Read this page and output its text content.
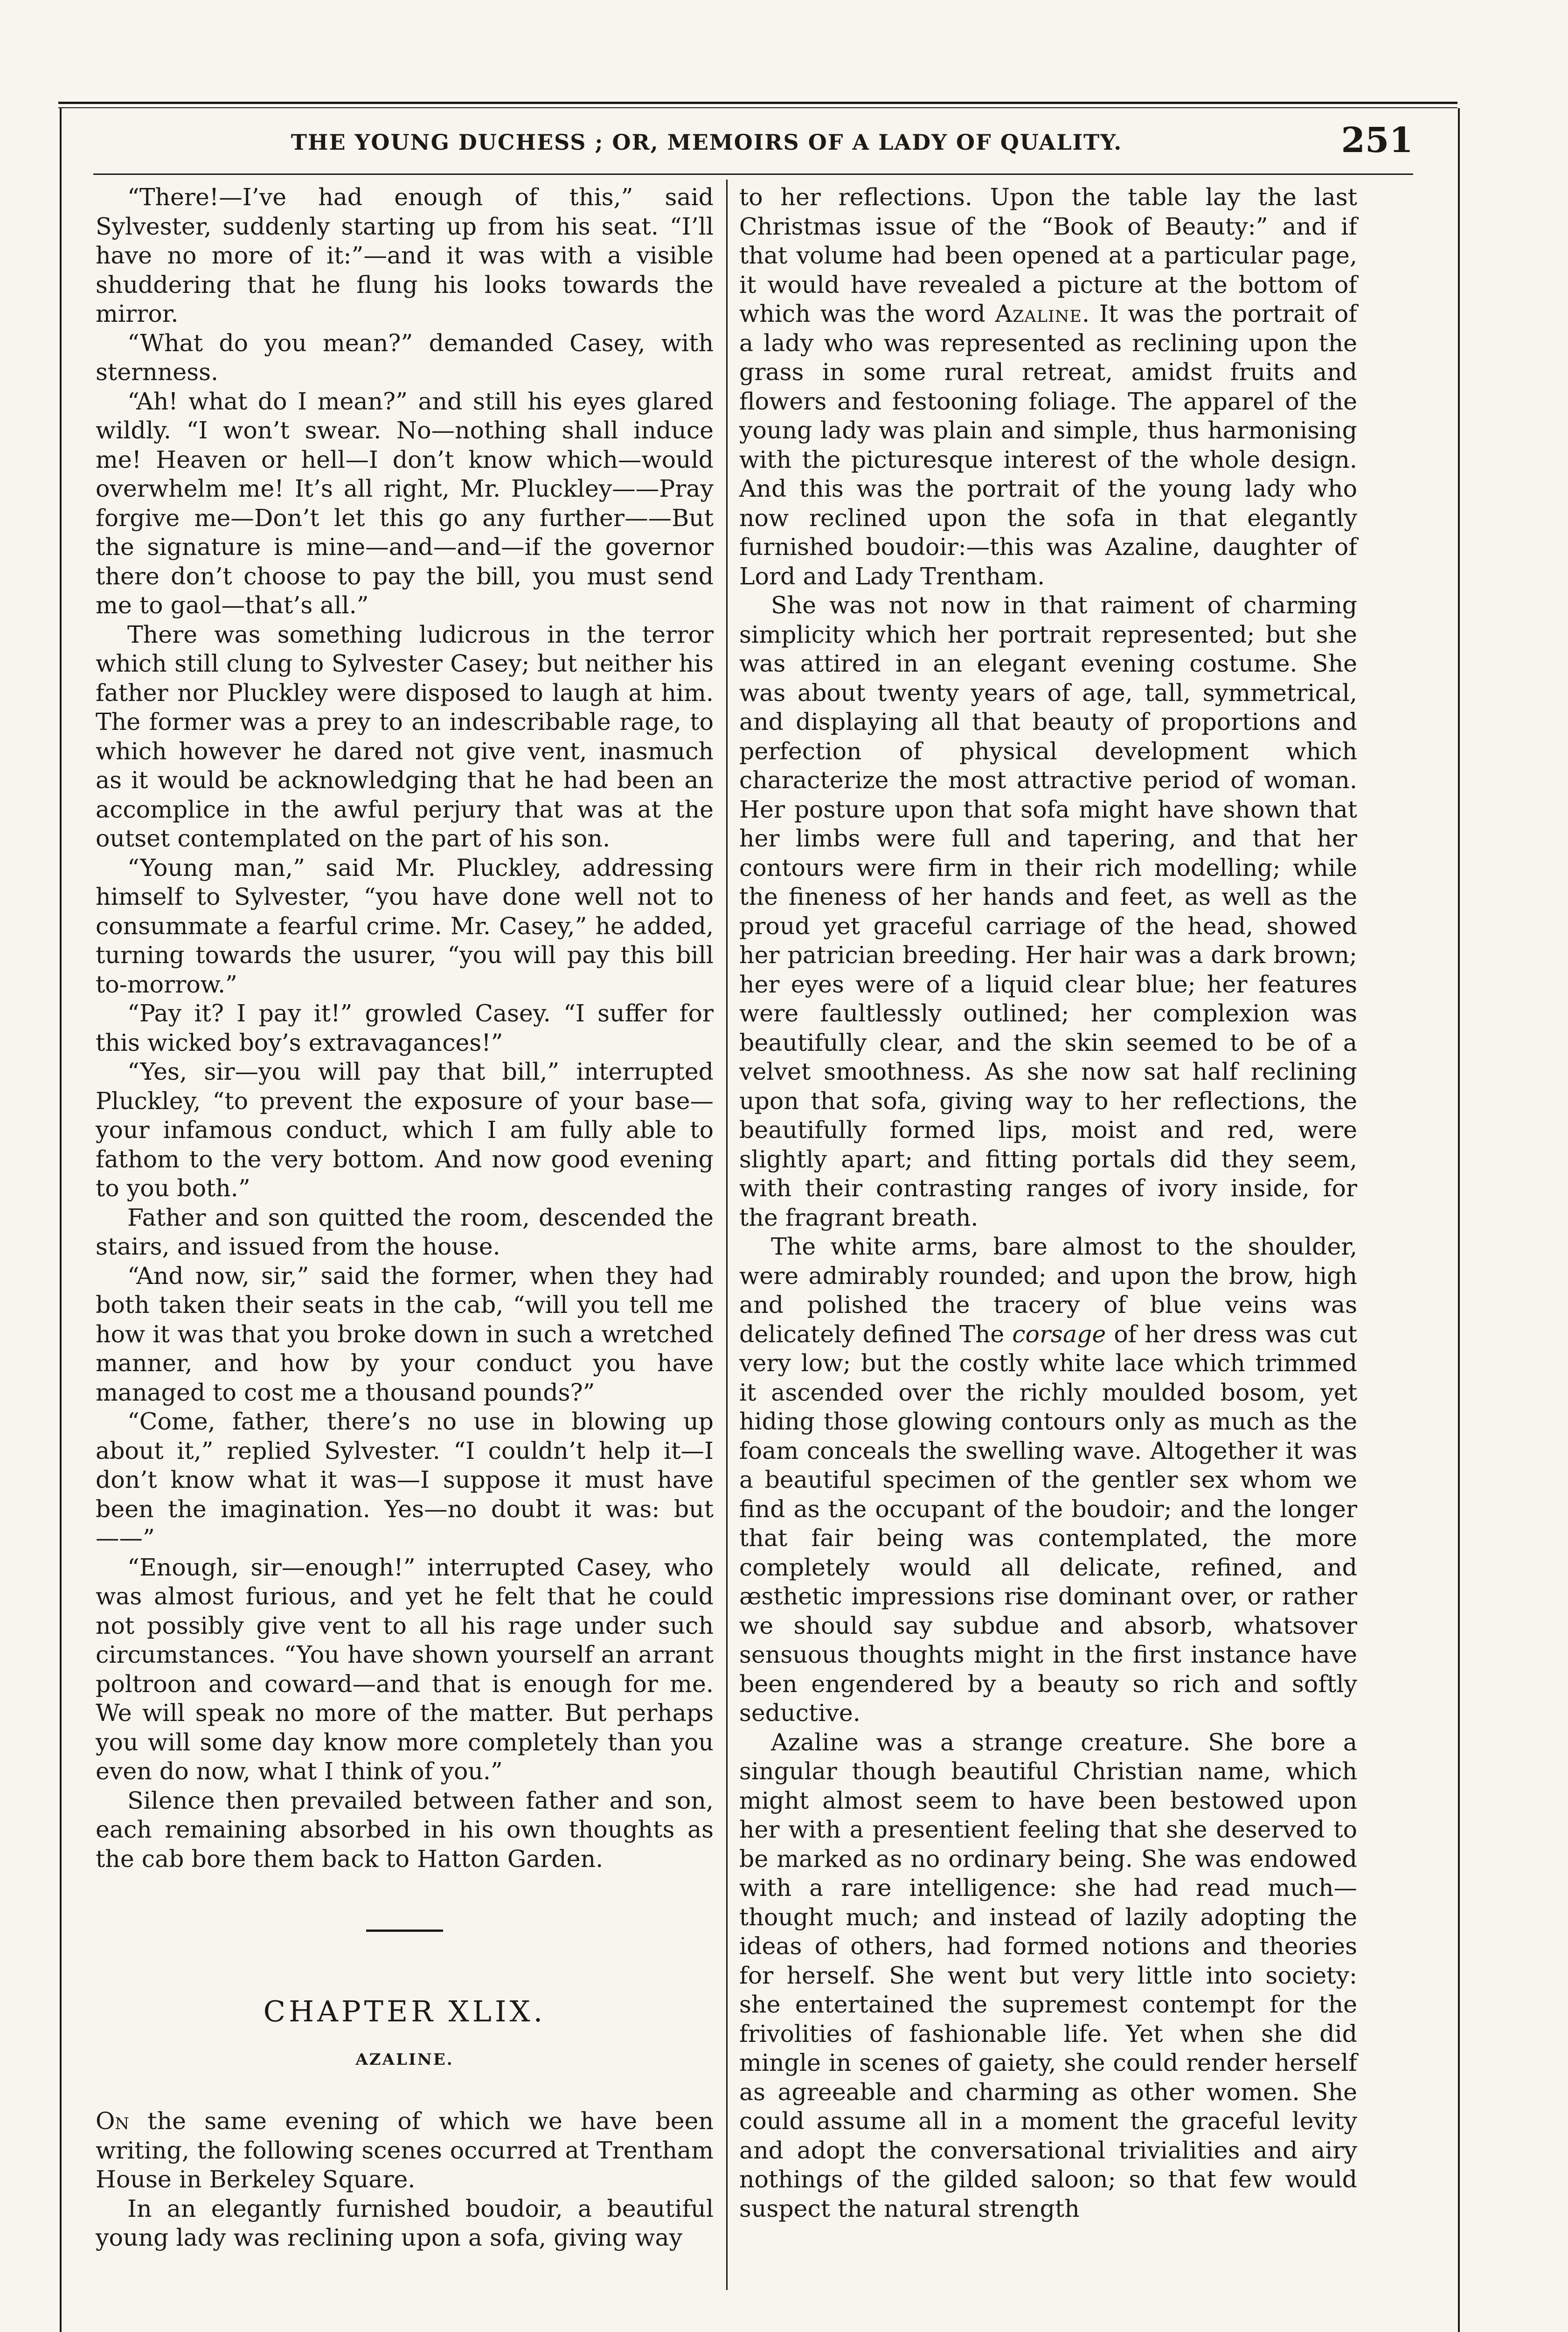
THE YOUNG DUCHESS ; OR, MEMOIRS OF A LADY OF QUALITY.	251

“There!—I’ve had enough of this,” said Sylvester, suddenly starting up from his seat. “I’ll have no more of it:”—and it was with a visible shuddering that he flung his looks towards the mirror.

“What do you mean?” demanded Casey, with sternness.

“Ah! what do I mean?” and still his eyes glared wildly. “I won’t swear. No—nothing shall induce me! Heaven or hell—I don’t know which—would overwhelm me! It’s all right, Mr. Pluckley——Pray forgive me—Don’t let this go any further——But the signature is mine—and—and—if the governor there don’t choose to pay the bill, you must send me to gaol—that’s all.”

There was something ludicrous in the terror which still clung to Sylvester Casey; but neither his father nor Pluckley were disposed to laugh at him. The former was a prey to an indescribable rage, to which however he dared not give vent, inasmuch as it would be acknowledging that he had been an accomplice in the awful perjury that was at the outset contemplated on the part of his son.

“Young man,” said Mr. Pluckley, addressing himself to Sylvester, “you have done well not to consummate a fearful crime. Mr. Casey,” he added, turning towards the usurer, “you will pay this bill to-morrow.”

“Pay it? I pay it!” growled Casey. “I suffer for this wicked boy’s extravagances!”

“Yes, sir—you will pay that bill,” interrupted Pluckley, “to prevent the exposure of your base—your infamous conduct, which I am fully able to fathom to the very bottom. And now good evening to you both.”

Father and son quitted the room, descended the stairs, and issued from the house.

“And now, sir,” said the former, when they had both taken their seats in the cab, “will you tell me how it was that you broke down in such a wretched manner, and how by your conduct you have managed to cost me a thousand pounds?”

“Come, father, there’s no use in blowing up about it,” replied Sylvester. “I couldn’t help it—I don’t know what it was—I suppose it must have been the imagination. Yes—no doubt it was: but——”

“Enough, sir—enough!” interrupted Casey, who was almost furious, and yet he felt that he could not possibly give vent to all his rage under such circumstances. “You have shown yourself an arrant poltroon and coward—and that is enough for me. We will speak no more of the matter. But perhaps you will some day know more completely than you even do now, what I think of you.”

Silence then prevailed between father and son, each remaining absorbed in his own thoughts as the cab bore them back to Hatton Garden.

CHAPTER XLIX.
AZALINE.

On the same evening of which we have been writing, the following scenes occurred at Trentham House in Berkeley Square.

In an elegantly furnished boudoir, a beautiful young lady was reclining upon a sofa, giving way

to her reflections. Upon the table lay the last Christmas issue of the “Book of Beauty:” and if that volume had been opened at a particular page, it would have revealed a picture at the bottom of which was the word Azaline. It was the portrait of a lady who was represented as reclining upon the grass in some rural retreat, amidst fruits and flowers and festooning foliage. The apparel of the young lady was plain and simple, thus harmonising with the picturesque interest of the whole design. And this was the portrait of the young lady who now reclined upon the sofa in that elegantly furnished boudoir:—this was Azaline, daughter of Lord and Lady Trentham.

She was not now in that raiment of charming simplicity which her portrait represented; but she was attired in an elegant evening costume. She was about twenty years of age, tall, symmetrical, and displaying all that beauty of proportions and perfection of physical development which characterize the most attractive period of woman. Her posture upon that sofa might have shown that her limbs were full and tapering, and that her contours were firm in their rich modelling; while the fineness of her hands and feet, as well as the proud yet graceful carriage of the head, showed her patrician breeding. Her hair was a dark brown; her eyes were of a liquid clear blue; her features were faultlessly outlined; her complexion was beautifully clear, and the skin seemed to be of a velvet smoothness. As she now sat half reclining upon that sofa, giving way to her reflections, the beautifully formed lips, moist and red, were slightly apart; and fitting portals did they seem, with their contrasting ranges of ivory inside, for the fragrant breath.

The white arms, bare almost to the shoulder, were admirably rounded; and upon the brow, high and polished the tracery of blue veins was delicately defined The corsage of her dress was cut very low; but the costly white lace which trimmed it ascended over the richly moulded bosom, yet hiding those glowing contours only as much as the foam conceals the swelling wave. Altogether it was a beautiful specimen of the gentler sex whom we find as the occupant of the boudoir; and the longer that fair being was contemplated, the more completely would all delicate, refined, and æsthetic impressions rise dominant over, or rather we should say subdue and absorb, whatsover sensuous thoughts might in the first instance have been engendered by a beauty so rich and softly seductive.

Azaline was a strange creature. She bore a singular though beautiful Christian name, which might almost seem to have been bestowed upon her with a presentient feeling that she deserved to be marked as no ordinary being. She was endowed with a rare intelligence: she had read much—thought much; and instead of lazily adopting the ideas of others, had formed notions and theories for herself. She went but very little into society: she entertained the supremest contempt for the frivolities of fashionable life. Yet when she did mingle in scenes of gaiety, she could render herself as agreeable and charming as other women. She could assume all in a moment the graceful levity and adopt the conversational trivialities and airy nothings of the gilded saloon; so that few would suspect the natural strength
